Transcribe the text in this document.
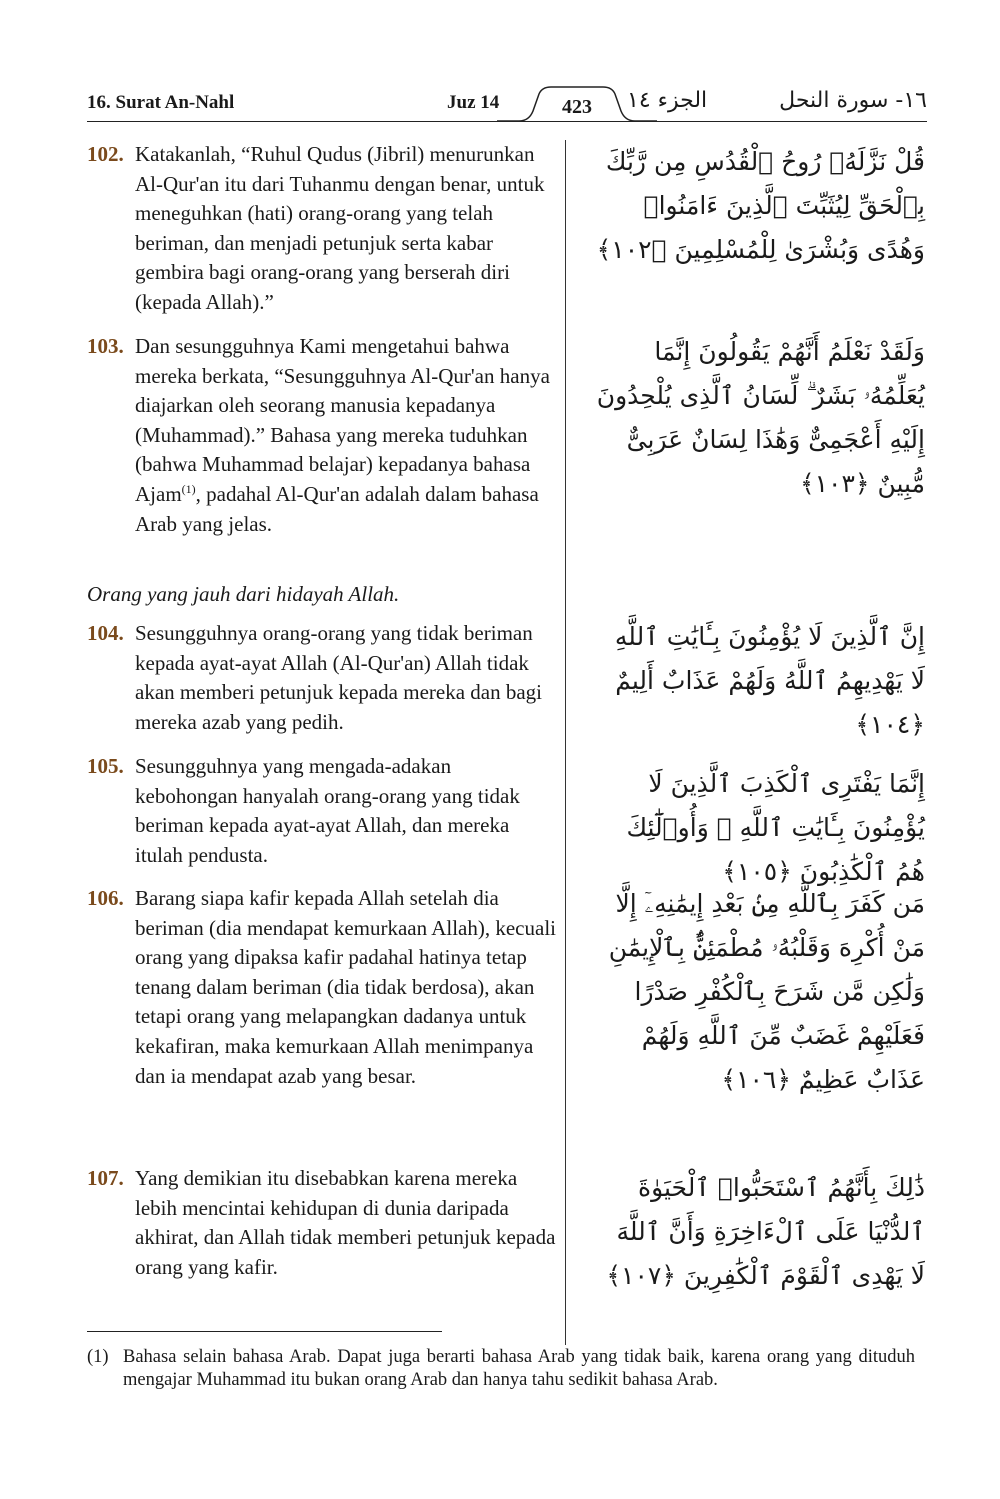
16. Surat An-Nahl	Juz 14	423	الجزء ١٤	١٦- سورة النحل
102. Katakanlah, “Ruhul Qudus (Jibril) menurunkan Al-Qur'an itu dari Tuhanmu dengan benar, untuk meneguhkan (hati) orang-orang yang telah beriman, dan menjadi petunjuk serta kabar gembira bagi orang-orang yang berserah diri (kepada Allah).”
قُلْ نَزَّلَهُۥ رُوحُ ٱلْقُدُسِ مِن رَّبِّكَ بِٱلْحَقِّ لِيُثَبِّتَ ٱلَّذِينَ ءَامَنُوا۟ وَهُدًى وَبُشْرَىٰ لِلْمُسْلِمِينَ ﴿١٠٢﴾
103. Dan sesungguhnya Kami mengetahui bahwa mereka berkata, “Sesungguhnya Al-Qur'an hanya diajarkan oleh seorang manusia kepadanya (Muhammad).” Bahasa yang mereka tuduhkan (bahwa Muhammad belajar) kepadanya bahasa Ajam$^{(1)}$, padahal Al-Qur'an adalah dalam bahasa Arab yang jelas.
وَلَقَدْ نَعْلَمُ أَنَّهُمْ يَقُولُونَ إِنَّمَا يُعَلِّمُهُۥ بَشَرٌ ۗ لِّسَانُ ٱلَّذِى يُلْحِدُونَ إِلَيْهِ أَعْجَمِىٌّ وَهَٰذَا لِسَانٌ عَرَبِىٌّ مُّبِينٌ ﴿١٠٣﴾
Orang yang jauh dari hidayah Allah.
104. Sesungguhnya orang-orang yang tidak beriman kepada ayat-ayat Allah (Al-Qur'an) Allah tidak akan memberi petunjuk kepada mereka dan bagi mereka azab yang pedih.
إِنَّ ٱلَّذِينَ لَا يُؤْمِنُونَ بِـَٔايَٰتِ ٱللَّهِ لَا يَهْدِيهِمُ ٱللَّهُ وَلَهُمْ عَذَابٌ أَلِيمٌ ﴿١٠٤﴾
105. Sesungguhnya yang mengada-adakan kebohongan hanyalah orang-orang yang tidak beriman kepada ayat-ayat Allah, dan mereka itulah pendusta.
إِنَّمَا يَفْتَرِى ٱلْكَذِبَ ٱلَّذِينَ لَا يُؤْمِنُونَ بِـَٔايَٰتِ ٱللَّهِ ۖ وَأُو۟لَٰٓئِكَ هُمُ ٱلْكَٰذِبُونَ ﴿١٠٥﴾
106. Barang siapa kafir kepada Allah setelah dia beriman (dia mendapat kemurkaan Allah), kecuali orang yang dipaksa kafir padahal hatinya tetap tenang dalam beriman (dia tidak berdosa), akan tetapi orang yang melapangkan dadanya untuk kekafiran, maka kemurkaan Allah menimpanya dan ia mendapat azab yang besar.
مَن كَفَرَ بِٱللَّهِ مِنۢ بَعْدِ إِيمَٰنِهِۦٓ إِلَّا مَنْ أُكْرِهَ وَقَلْبُهُۥ مُطْمَئِنٌّۢ بِٱلْإِيمَٰنِ وَلَٰكِن مَّن شَرَحَ بِٱلْكُفْرِ صَدْرًا فَعَلَيْهِمْ غَضَبٌ مِّنَ ٱللَّهِ وَلَهُمْ عَذَابٌ عَظِيمٌ ﴿١٠٦﴾
107. Yang demikian itu disebabkan karena mereka lebih mencintai kehidupan di dunia daripada akhirat, dan Allah tidak memberi petunjuk kepada orang yang kafir.
ذَٰلِكَ بِأَنَّهُمُ ٱسْتَحَبُّوا۟ ٱلْحَيَوٰةَ ٱلدُّنْيَا عَلَى ٱلْءَاخِرَةِ وَأَنَّ ٱللَّهَ لَا يَهْدِى ٱلْقَوْمَ ٱلْكَٰفِرِينَ ﴿١٠٧﴾
(1) Bahasa selain bahasa Arab. Dapat juga berarti bahasa Arab yang tidak baik, karena orang yang dituduh mengajar Muhammad itu bukan orang Arab dan hanya tahu sedikit bahasa Arab.
